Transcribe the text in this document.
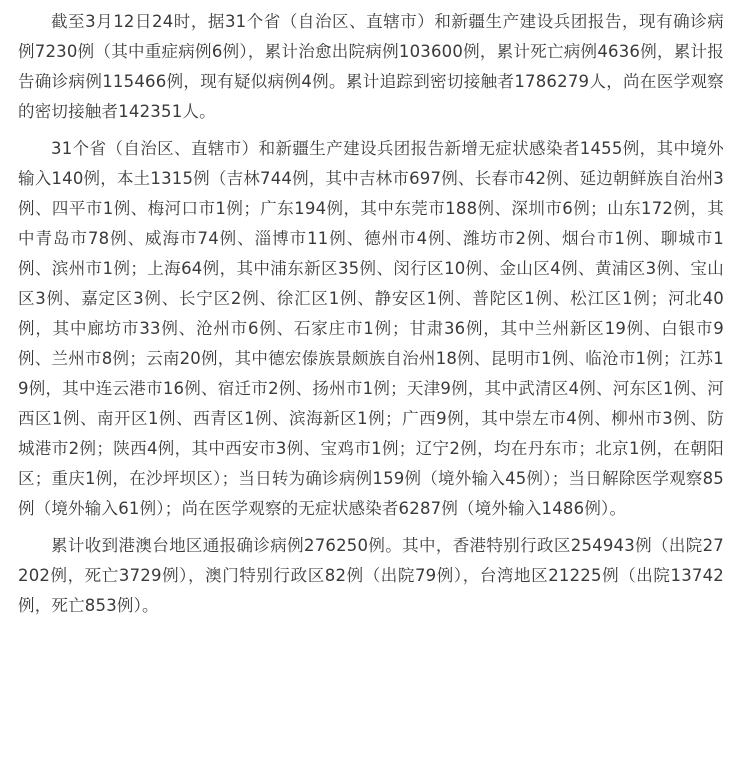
截至3月12日24时，据31个省（自治区、直辖市）和新疆生产建设兵团报告，现有确诊病例7230例（其中重症病例6例），累计治愈出院病例103600例，累计死亡病例4636例，累计报告确诊病例115466例，现有疑似病例4例。累计追踪到密切接触者1786279人，尚在医学观察的密切接触者142351人。

31个省（自治区、直辖市）和新疆生产建设兵团报告新增无症状感染者1455例，其中境外输入140例，本土1315例（吉林744例，其中吉林市697例、长春市42例、延边朝鲜族自治州3例、四平市1例、梅河口市1例；广东194例，其中东莞市188例、深圳市6例；山东172例，其中青岛市78例、威海市74例、淄博市11例、德州市4例、潍坊市2例、烟台市1例、聊城市1例、滨州市1例；上海64例，其中浦东新区35例、闵行区10例、金山区4例、黄浦区3例、宝山区3例、嘉定区3例、长宁区2例、徐汇区1例、静安区1例、普陀区1例、松江区1例；河北40例，其中廊坊市33例、沧州市6例、石家庄市1例；甘肃36例，其中兰州新区19例、白银市9例、兰州市8例；云南20例，其中德宏傣族景颇族自治州18例、昆明市1例、临沧市1例；江苏19例，其中连云港市16例、宿迁市2例、扬州市1例；天津9例，其中武清区4例、河东区1例、河西区1例、南开区1例、西青区1例、滨海新区1例；广西9例，其中崇左市4例、柳州市3例、防城港市2例；陕西4例，其中西安市3例、宝鸡市1例；辽宁2例，均在丹东市；北京1例，在朝阳区；重庆1例，在沙坪坝区）；当日转为确诊病例159例（境外输入45例）；当日解除医学观察85例（境外输入61例）；尚在医学观察的无症状感染者6287例（境外输入1486例）。

累计收到港澳台地区通报确诊病例276250例。其中，香港特别行政区254943例（出院27202例，死亡3729例），澳门特别行政区82例（出院79例），台湾地区21225例（出院13742例，死亡853例）。
